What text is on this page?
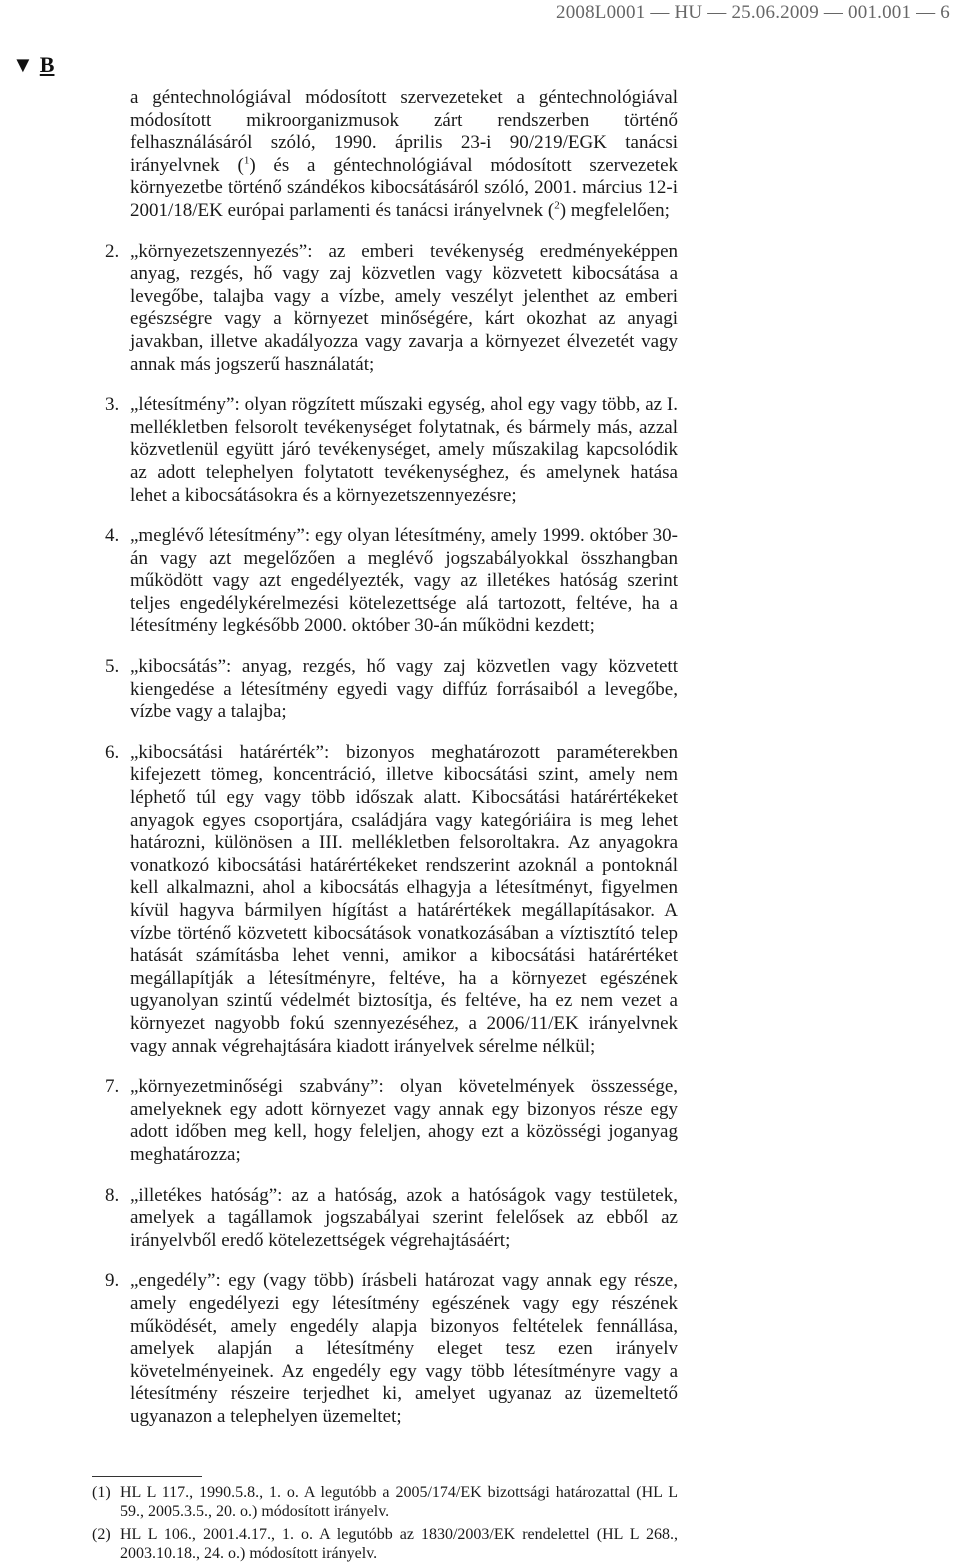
2008L0001 — HU — 25.06.2009 — 001.001 — 6
▼ B
a géntechnológiával módosított szervezeteket a géntechnológiával módosított mikroorganizmusok zárt rendszerben történő felhasználásáról szóló, 1990. április 23-i 90/219/EGK tanácsi irányelvnek ($^1$) és a géntechnológiával módosított szervezetek környezetbe történő szándékos kibocsátásáról szóló, 2001. március 12-i 2001/18/EK európai parlamenti és tanácsi irányelvnek ($^2$) megfelelően;
2. „környezetszennyezés”: az emberi tevékenység eredményeképpen anyag, rezgés, hő vagy zaj közvetlen vagy közvetett kibocsátása a levegőbe, talajba vagy a vízbe, amely veszélyt jelenthet az emberi egészségre vagy a környezet minőségére, kárt okozhat az anyagi javakban, illetve akadályozza vagy zavarja a környezet élvezetét vagy annak más jogszerű használatát;
3. „létesítmény”: olyan rögzített műszaki egység, ahol egy vagy több, az I. mellékletben felsorolt tevékenységet folytatnak, és bármely más, azzal közvetlenül együtt járó tevékenységet, amely műszakilag kapcsolódik az adott telephelyen folytatott tevékenységhez, és amelynek hatása lehet a kibocsátásokra és a környezetszennyezésre;
4. „meglévő létesítmény”: egy olyan létesítmény, amely 1999. október 30-án vagy azt megelőzően a meglévő jogszabályokkal összhangban működött vagy azt engedélyezték, vagy az illetékes hatóság szerint teljes engedélykérelmezési kötelezettsége alá tartozott, feltéve, ha a létesítmény legkésőbb 2000. október 30-án működni kezdett;
5. „kibocsátás”: anyag, rezgés, hő vagy zaj közvetlen vagy közvetett kiengedése a létesítmény egyedi vagy diffúz forrásaiból a levegőbe, vízbe vagy a talajba;
6. „kibocsátási határérték”: bizonyos meghatározott paraméterekben kifejezett tömeg, koncentráció, illetve kibocsátási szint, amely nem léphető túl egy vagy több időszak alatt. Kibocsátási határértékeket anyagok egyes csoportjára, családjára vagy kategóriáira is meg lehet határozni, különösen a III. mellékletben felsoroltakra. Az anyagokra vonatkozó kibocsátási határértékeket rendszerint azoknál a pontoknál kell alkalmazni, ahol a kibocsátás elhagyja a létesítményt, figyelmen kívül hagyva bármilyen hígítást a határértékek megállapításakor. A vízbe történő közvetett kibocsátások vonatkozásában a víztisztító telep hatását számításba lehet venni, amikor a kibocsátási határértéket megállapítják a létesítményre, feltéve, ha a környezet egészének ugyanolyan szintű védelmét biztosítja, és feltéve, ha ez nem vezet a környezet nagyobb fokú szennyezéséhez, a 2006/11/EK irányelvnek vagy annak végrehajtására kiadott irányelvek sérelme nélkül;
7. „környezetminőségi szabvány”: olyan követelmények összessége, amelyeknek egy adott környezet vagy annak egy bizonyos része egy adott időben meg kell, hogy feleljen, ahogy ezt a közösségi joganyag meghatározza;
8. „illetékes hatóság”: az a hatóság, azok a hatóságok vagy testületek, amelyek a tagállamok jogszabályai szerint felelősek az ebből az irányelvből eredő kötelezettségek végrehajtásáért;
9. „engedély”: egy (vagy több) írásbeli határozat vagy annak egy része, amely engedélyezi egy létesítmény egészének vagy egy részének működését, amely engedély alapja bizonyos feltételek fennállása, amelyek alapján a létesítmény eleget tesz ezen irányelv követelményeinek. Az engedély egy vagy több létesítményre vagy a létesítmény részeire terjedhet ki, amelyet ugyanaz az üzemeltető ugyanazon a telephelyen üzemeltet;
(1) HL L 117., 1990.5.8., 1. o. A legutóbb a 2005/174/EK bizottsági határozattal (HL L 59., 2005.3.5., 20. o.) módosított irányelv.
(2) HL L 106., 2001.4.17., 1. o. A legutóbb az 1830/2003/EK rendelettel (HL L 268., 2003.10.18., 24. o.) módosított irányelv.
